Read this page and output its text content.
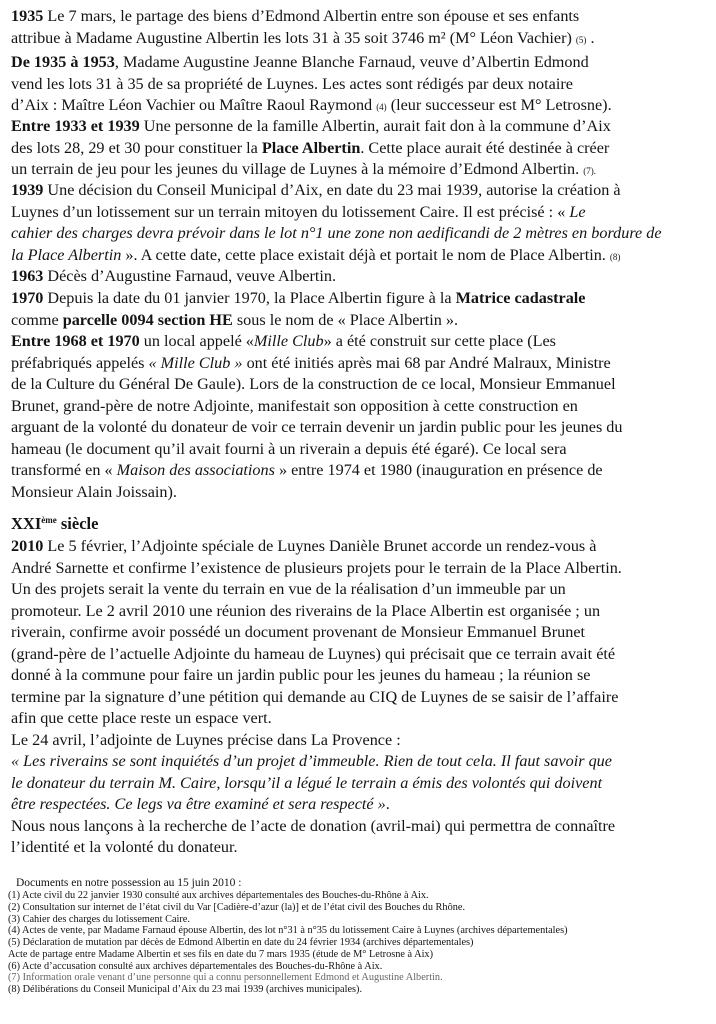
1935 Le 7 mars, le partage des biens d’Edmond Albertin entre son épouse et ses enfants
attribue à Madame Augustine Albertin les lots 31 à 35 soit 3746 m² (M° Léon Vachier) (5) .
De 1935 à 1953, Madame Augustine Jeanne Blanche Farnaud, veuve d’Albertin Edmond
vend les lots 31 à 35 de sa propriété de Luynes. Les actes sont rédigés par deux notaire
d’Aix : Maître Léon Vachier ou Maître Raoul Raymond (4) (leur successeur est M° Letrosne).
Entre 1933 et 1939 Une personne de la famille Albertin, aurait fait don à la commune d’Aix
des lots 28, 29 et 30 pour constituer la Place Albertin. Cette place aurait été destinée à créer
un terrain de jeu pour les jeunes du village de Luynes à la mémoire d’Edmond Albertin. (7).
1939 Une décision du Conseil Municipal d’Aix, en date du 23 mai 1939, autorise la création à
Luynes d’un lotissement sur un terrain mitoyen du lotissement Caire. Il est précisé : « Le
cahier des charges devra prévoir dans le lot n°1 une zone non aedificandi de 2 mètres en bordure de
la Place Albertin ». A cette date, cette place existait déjà et portait le nom de Place Albertin. (8)
1963 Décès d’Augustine Farnaud, veuve Albertin.
1970 Depuis la date du 01 janvier 1970, la Place Albertin figure à la Matrice cadastrale
comme parcelle 0094 section HE sous le nom de « Place Albertin ».
Entre 1968 et 1970 un local appelé «Mille Club» a été construit sur cette place (Les
préfabriqués appelés « Mille Club » ont été initiés après mai 68 par André Malraux, Ministre
de la Culture du Général De Gaule). Lors de la construction de ce local, Monsieur Emmanuel
Brunet, grand-père de notre Adjointe, manifestait son opposition à cette construction en
arguant de la volonté du donateur de voir ce terrain devenir un jardin public pour les jeunes du
hameau (le document qu’il avait fourni à un riverain a depuis été égaré). Ce local sera
transformé en « Maison des associations » entre 1974 et 1980 (inauguration en présence de
Monsieur Alain Joissain).
XXIème siècle
2010 Le 5 février, l’Adjointe spéciale de Luynes Danièle Brunet accorde un rendez-vous à
André Sarnette et confirme l’existence de plusieurs projets pour le terrain de la Place Albertin.
Un des projets serait la vente du terrain en vue de la réalisation d’un immeuble par un
promoteur. Le 2 avril 2010 une réunion des riverains de la Place Albertin est organisée ; un
riverain, confirme avoir possédé un document provenant de Monsieur Emmanuel Brunet
(grand-père de l’actuelle Adjointe du hameau de Luynes) qui précisait que ce terrain avait été
donné à la commune pour faire un jardin public pour les jeunes du hameau ; la réunion se
termine par la signature d’une pétition qui demande au CIQ de Luynes de se saisir de l’affaire
afin que cette place reste un espace vert.
Le 24 avril, l’adjointe de Luynes précise dans La Provence :
« Les riverains se sont inquiétés d’un projet d’immeuble. Rien de tout cela. Il faut savoir que
le donateur du terrain M. Caire, lorsqu’il a légué le terrain a émis des volontés qui doivent
être respectées. Ce legs va être examiné et sera respecté ».
Nous nous lançons à la recherche de l’acte de donation (avril-mai) qui permettra de connaître
l’identité et la volonté du donateur.
Documents en notre possession au 15 juin 2010 :
(1) Acte civil du 22 janvier 1930 consulté aux archives départementales des Bouches-du-Rhône à Aix.
(2) Consultation sur internet de l’état civil du Var [Cadière-d’azur (la)] et de l’état civil des Bouches du Rhône.
(3) Cahier des charges du lotissement Caire.
(4) Actes de vente, par Madame Farnaud épouse Albertin, des lot n°31 à n°35 du lotissement Caire à Luynes (archives départementales)
(5) Déclaration de mutation par décès de Edmond Albertin en date du 24 février 1934 (archives départementales)
Acte de partage entre Madame Albertin et ses fils en date du 7 mars 1935 (étude de M° Letrosne à Aix)
(6) Acte d’accusation consulté aux archives départementales des Bouches-du-Rhône à Aix.
(7) Information orale venant d’une personne qui a connu personnellement Edmond et Augustine Albertin.
(8) Délibérations du Conseil Municipal d’Aix du 23 mai 1939 (archives municipales).
